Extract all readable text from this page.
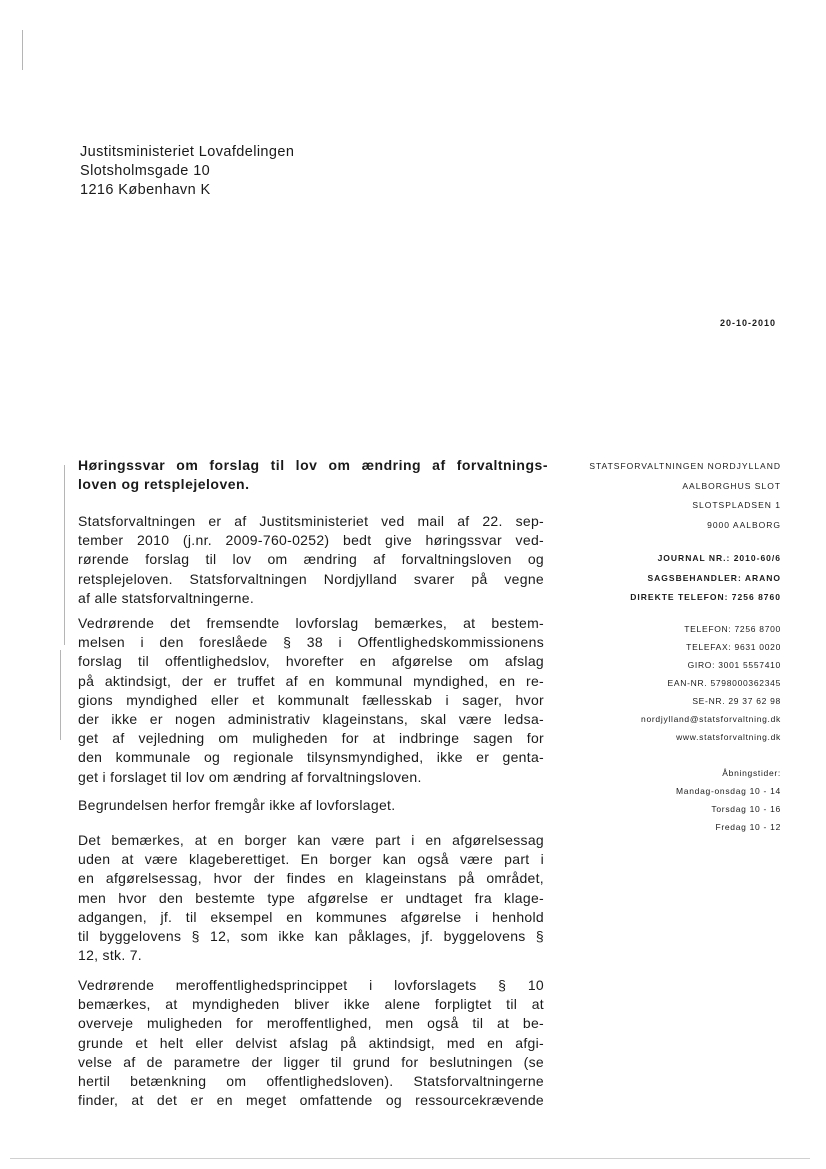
Justitsministeriet Lovafdelingen
Slotsholmsgade 10
1216 København K
20-10-2010
Høringssvar om forslag til lov om ændring af forvaltnings-
loven og retsplejeloven.
Statsforvaltningen er af Justitsministeriet ved mail af 22. sep-
tember 2010 (j.nr. 2009-760-0252) bedt give høringssvar ved-
rørende forslag til lov om ændring af forvaltningsloven og
retsplejeloven. Statsforvaltningen Nordjylland svarer på vegne
af alle statsforvaltningerne.
Vedrørende det fremsendte lovforslag bemærkes, at bestem-
melsen i den foreslåede § 38 i Offentlighedskommissionens
forslag til offentlighedslov, hvorefter en afgørelse om afslag
på aktindsigt, der er truffet af en kommunal myndighed, en re-
gions myndighed eller et kommunalt fællesskab i sager, hvor
der ikke er nogen administrativ klageinstans, skal være ledsa-
get af vejledning om muligheden for at indbringe sagen for
den kommunale og regionale tilsynsmyndighed, ikke er genta-
get i forslaget til lov om ændring af forvaltningsloven.
Begrundelsen herfor fremgår ikke af lovforslaget.
Det bemærkes, at en borger kan være part i en afgørelsessag
uden at være klageberettiget. En borger kan også være part i
en afgørelsessag, hvor der findes en klageinstans på området,
men hvor den bestemte type afgørelse er undtaget fra klage-
adgangen, jf. til eksempel en kommunes afgørelse i henhold
til byggelovens § 12, som ikke kan påklages, jf. byggelovens §
12, stk. 7.
Vedrørende meroffentlighedsprincippet i lovforslagets § 10
bemærkes, at myndigheden bliver ikke alene forpligtet til at
overveje muligheden for meroffentlighed, men også til at be-
grunde et helt eller delvist afslag på aktindsigt, med en afgi-
velse af de parametre der ligger til grund for beslutningen (se
hertil betænkning om offentlighedsloven). Statsforvaltningerne
finder, at det er en meget omfattende og ressourcekrævende
STATSFORVALTNINGEN NORDJYLLAND
AALBORGHUS SLOT
SLOTSPLADSEN 1
9000 AALBORG
JOURNAL NR.: 2010-60/6
SAGSBEHANDLER: ARANO
DIREKTE TELEFON: 7256 8760
TELEFON: 7256 8700
TELEFAX: 9631 0020
GIRO: 3001 5557410
EAN-NR. 5798000362345
SE-NR. 29 37 62 98
nordjylland@statsforvaltning.dk
www.statsforvaltning.dk
Åbningstider:
Mandag-onsdag 10 - 14
Torsdag 10 - 16
Fredag 10 - 12
